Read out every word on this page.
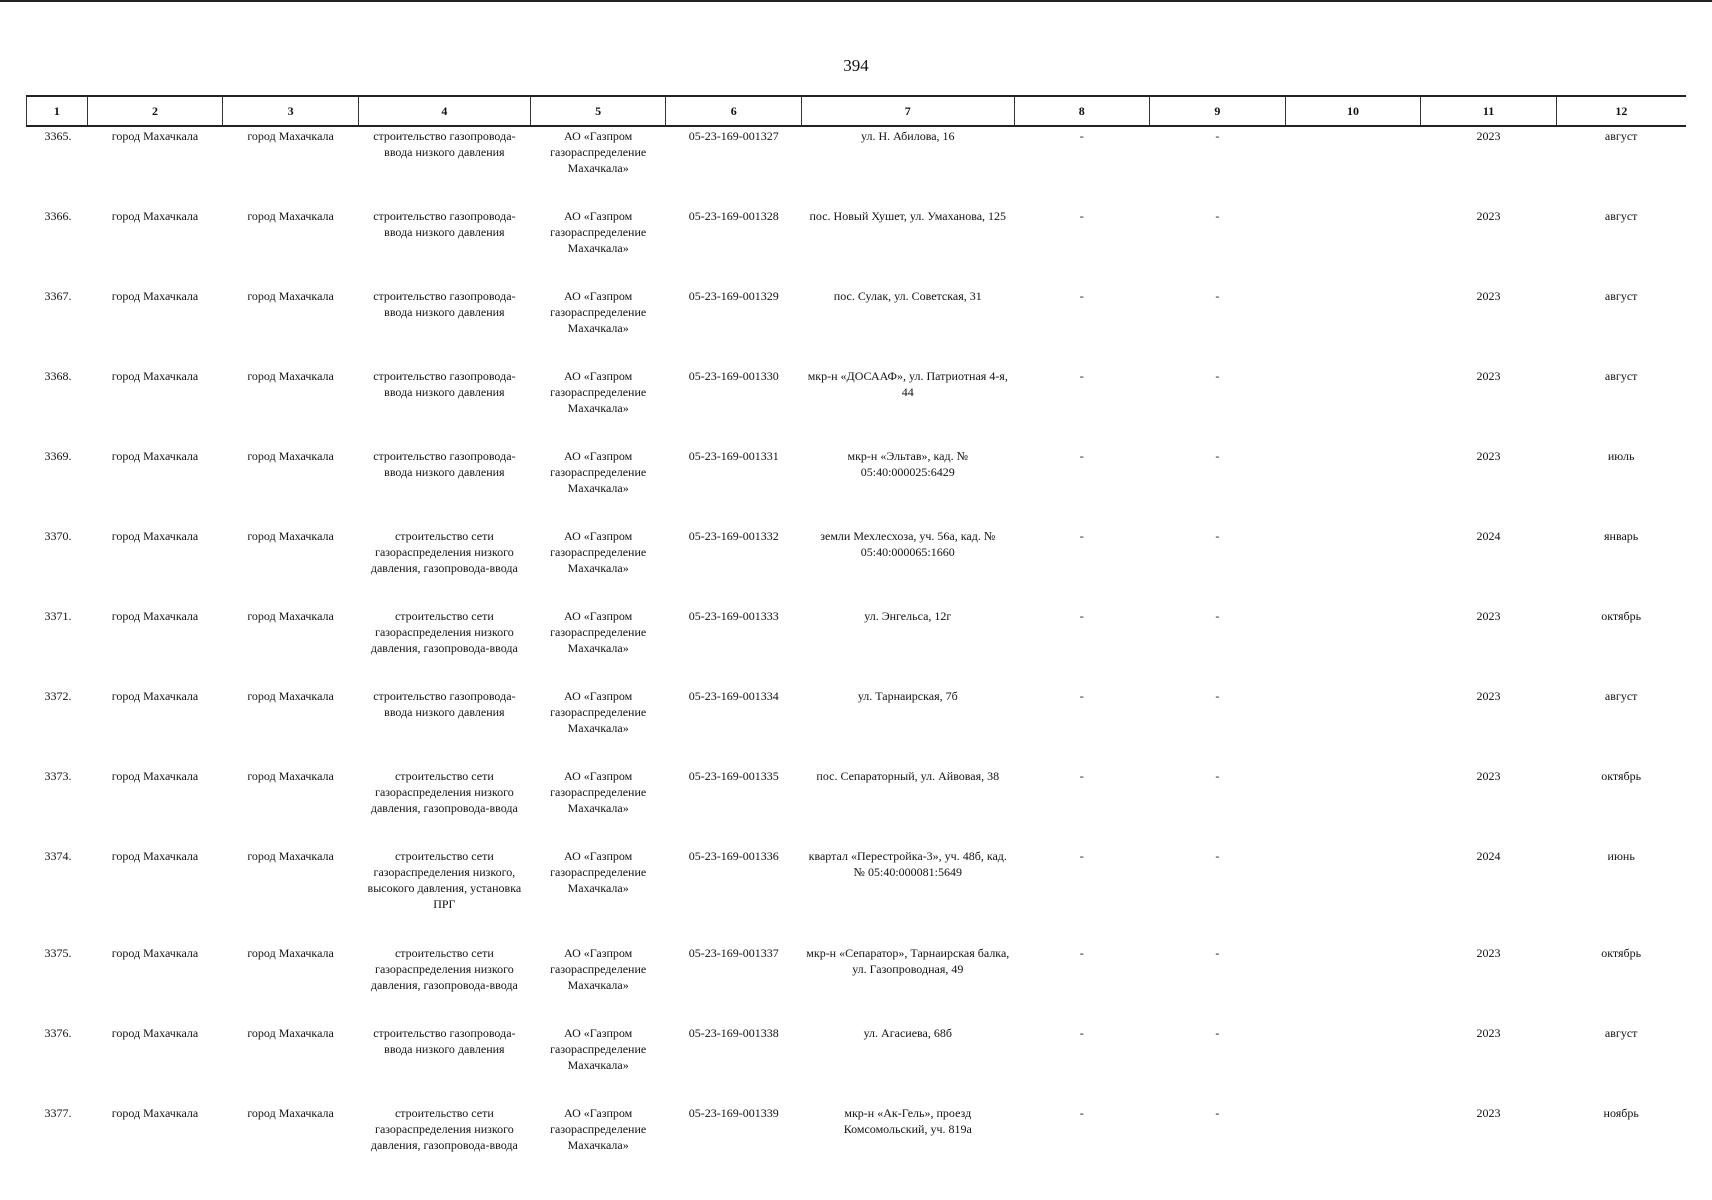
394
1	2	3	4	5	6	7	8	9	10	11	12
3365.	город Махачкала	город Махачкала	строительство газопровода-ввода низкого давления	АО «Газпром газораспределение Махачкала»	05-23-169-001327	ул. Н. Абилова, 16	-	-		2023	август
3366.	город Махачкала	город Махачкала	строительство газопровода-ввода низкого давления	АО «Газпром газораспределение Махачкала»	05-23-169-001328	пос. Новый Хушет, ул. Умаханова, 125	-	-		2023	август
3367.	город Махачкала	город Махачкала	строительство газопровода-ввода низкого давления	АО «Газпром газораспределение Махачкала»	05-23-169-001329	пос. Сулак, ул. Советская, 31	-	-		2023	август
3368.	город Махачкала	город Махачкала	строительство газопровода-ввода низкого давления	АО «Газпром газораспределение Махачкала»	05-23-169-001330	мкр-н «ДОСААФ», ул. Патриотная 4-я, 44	-	-		2023	август
3369.	город Махачкала	город Махачкала	строительство газопровода-ввода низкого давления	АО «Газпром газораспределение Махачкала»	05-23-169-001331	мкр-н «Эльтав», кад. № 05:40:000025:6429	-	-		2023	июль
3370.	город Махачкала	город Махачкала	строительство сети газораспределения низкого давления, газопровода-ввода	АО «Газпром газораспределение Махачкала»	05-23-169-001332	земли Мехлесхоза, уч. 56а, кад. № 05:40:000065:1660	-	-		2024	январь
3371.	город Махачкала	город Махачкала	строительство сети газораспределения низкого давления, газопровода-ввода	АО «Газпром газораспределение Махачкала»	05-23-169-001333	ул. Энгельса, 12г	-	-		2023	октябрь
3372.	город Махачкала	город Махачкала	строительство газопровода-ввода низкого давления	АО «Газпром газораспределение Махачкала»	05-23-169-001334	ул. Тарнаирская, 7б	-	-		2023	август
3373.	город Махачкала	город Махачкала	строительство сети газораспределения низкого давления, газопровода-ввода	АО «Газпром газораспределение Махачкала»	05-23-169-001335	пос. Сепараторный, ул. Айвовая, 38	-	-		2023	октябрь
3374.	город Махачкала	город Махачкала	строительство сети газораспределения низкого, высокого давления, установка ПРГ	АО «Газпром газораспределение Махачкала»	05-23-169-001336	квартал «Перестройка-3», уч. 48б, кад. № 05:40:000081:5649	-	-		2024	июнь
3375.	город Махачкала	город Махачкала	строительство сети газораспределения низкого давления, газопровода-ввода	АО «Газпром газораспределение Махачкала»	05-23-169-001337	мкр-н «Сепаратор», Тарнаирская балка, ул. Газопроводная, 49	-	-		2023	октябрь
3376.	город Махачкала	город Махачкала	строительство газопровода-ввода низкого давления	АО «Газпром газораспределение Махачкала»	05-23-169-001338	ул. Агасиева, 68б	-	-		2023	август
3377.	город Махачкала	город Махачкала	строительство сети газораспределения низкого давления, газопровода-ввода	АО «Газпром газораспределение Махачкала»	05-23-169-001339	мкр-н «Ак-Гель», проезд Комсомольский, уч. 819а	-	-		2023	ноябрь
